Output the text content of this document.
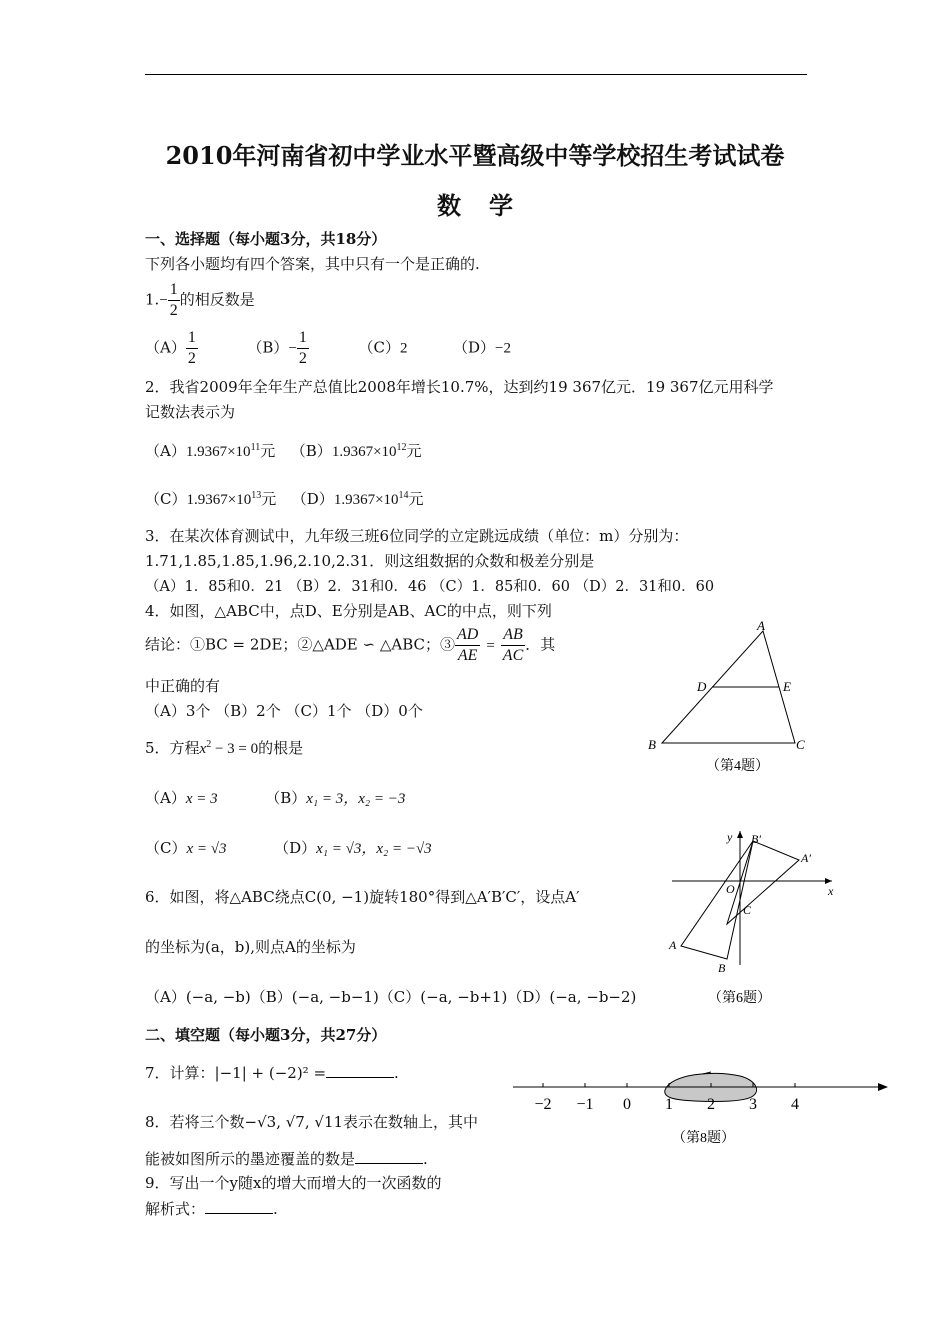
2010年河南省初中学业水平暨高级中等学校招生考试试卷
数学
一、选择题（每小题3分，共18分）
下列各小题均有四个答案，其中只有一个是正确的.
$1.- \frac{1}{2}$ 的相反数是
$(A) \frac{1}{2}$	$(B)- \frac{1}{2}$	（C）2	（D）−2
2．我省2009年全年生产总值比2008年增长10.7%，达到约19 367亿元．19 367亿元用科学
记数法表示为
$(A)1.9367\times 10^{11}$元 $(B)1.9367\times 10^{12}$元
$(C)1.9367\times 10^{13}$元 $(D)1.9367\times 10^{14}$元
3．在某次体育测试中，九年级三班6位同学的立定跳远成绩（单位：m）分别为：
1.71,1.85,1.85,1.96,2.10,2.31．则这组数据的众数和极差分别是
（A）1．85和0．21 （B）2．31和0．46 （C）1．85和0．60 （D）2．31和0．60
4．如图，△ABC中，点D、E分别是AB、AC的中点，则下列
结论：①BC = 2DE；②△ADE ∽ △ABC；③ $\frac{AD}{AE} = \frac{AB}{AC}$ ．其
中正确的有
（A）3个 （B）2个 （C）1个 （D）0个
A
B	C
D	E
（第4题）
5．方程$x^2 - 3 = 0$的根是
（A）x = 3	（B）x₁ = 3，x₂ = −3
（C）x = √3	（D）x₁ = √3，x₂ = −√3
6．如图，将△ABC绕点C(0, −1)旋转180°得到△A′B′C′，设点A′
的坐标为(a，b),则点A的坐标为
（A）(−a, −b)（B）(−a, −b−1)（C）(−a, −b+1)（D）(−a, −b−2)
y
x
O
C
B′
A′
A
B
（第6题）
二、填空题（每小题3分，共27分）
7．计算：|−1| + (−2)² =	.
8．若将三个数−√3, √7, √11表示在数轴上，其中
能被如图所示的墨迹覆盖的数是	.
−2 −1 0 1 2 3 4
（第8题）
9．写出一个y随x的增大而增大的一次函数的
解析式：	.
